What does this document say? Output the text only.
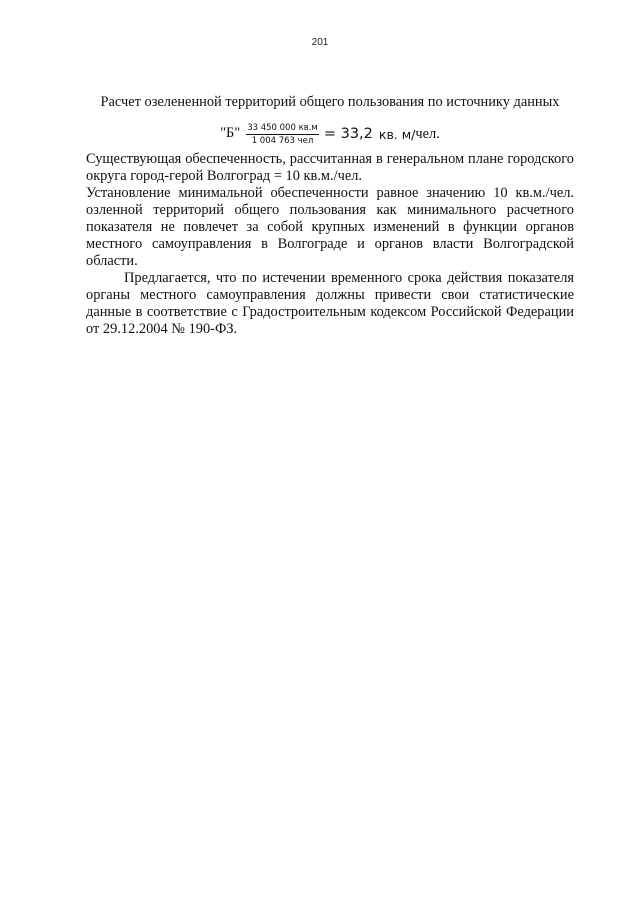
201

Расчет озелененной территорий общего пользования по источнику данных

"Б" $\frac{33 450 000 кв.м}{\text{1 004 763 чел}} = 33,2$ кв. м/ чел.

Существующая обеспеченность, рассчитанная в генеральном плане городского округа город-герой Волгоград = 10 кв.м./чел.

Установление минимальной обеспеченности равное значению 10 кв.м./чел. озленной территорий общего пользования как минимального расчетного показателя не повлечет за собой крупных изменений в функции органов местного самоуправления в Волгограде и органов власти Волгоградской области.

Предлагается, что по истечении временного срока действия показателя органы местного самоуправления должны привести свои статистические данные в соответствие с Градостроительным кодексом Российской Федерации от 29.12.2004 № 190-ФЗ.
